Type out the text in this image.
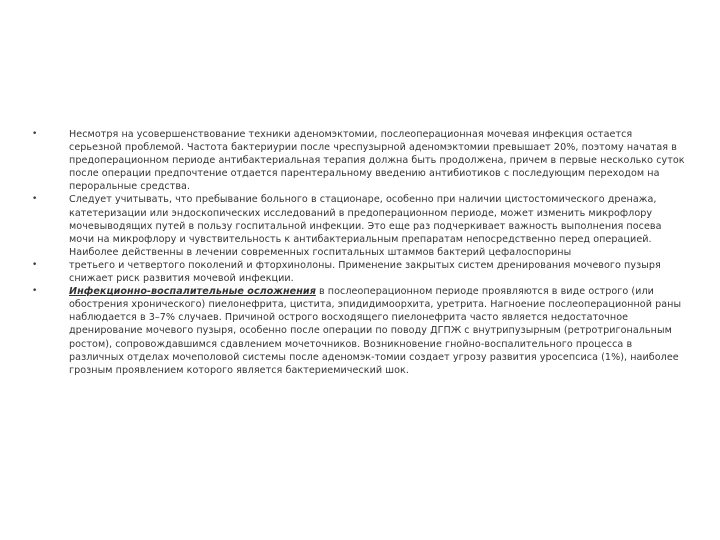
•	Несмотря на усовершенствование техники аденомэктомии, послеоперационная мочевая инфекция остается серьезной проблемой. Частота бактериурии после чреспузырной аденомэктомии превышает 20%, поэтому начатая в предоперационном периоде антибактериальная терапия должна быть продолжена, причем в первые несколько суток после операции предпочтение отдается парентеральному введению антибиотиков с последующим переходом на пероральные средства.
•	Следует учитывать, что пребывание больного в стационаре, особенно при наличии цистостомического дренажа, катетеризации или эндоскопических исследований в предоперационном периоде, может изменить микрофлору мочевыводящих путей в пользу госпитальной инфекции. Это еще раз подчеркивает важность выполнения посева мочи на микрофлору и чувствительность к антибактериальным препаратам непосредственно перед операцией. Наиболее действенны в лечении современных госпитальных штаммов бактерий цефалоспорины
•	третьего и четвертого поколений и фторхинолоны. Применение закрытых систем дренирования мочевого пузыря снижает риск развития мочевой инфекции.
•	Инфекционно-воспалительные осложнения в послеоперационном периоде проявляются в виде острого (или обострения хронического) пиелонефрита, цистита, эпидидимоорхита, уретрита. Нагноение послеоперационной раны наблюдается в 3–7% случаев. Причиной острого восходящего пиелонефрита часто является недостаточное дренирование мочевого пузыря, особенно после операции по поводу ДГПЖ с внутрипузырным (ретротригональным ростом), сопровождавшимся сдавлением мочеточников. Возникновение гнойно-воспалительного процесса в различных отделах мочеполовой системы после аденомэк-томии создает угрозу развития уросепсиса (1%), наиболее грозным проявлением которого является бактериемический шок.
